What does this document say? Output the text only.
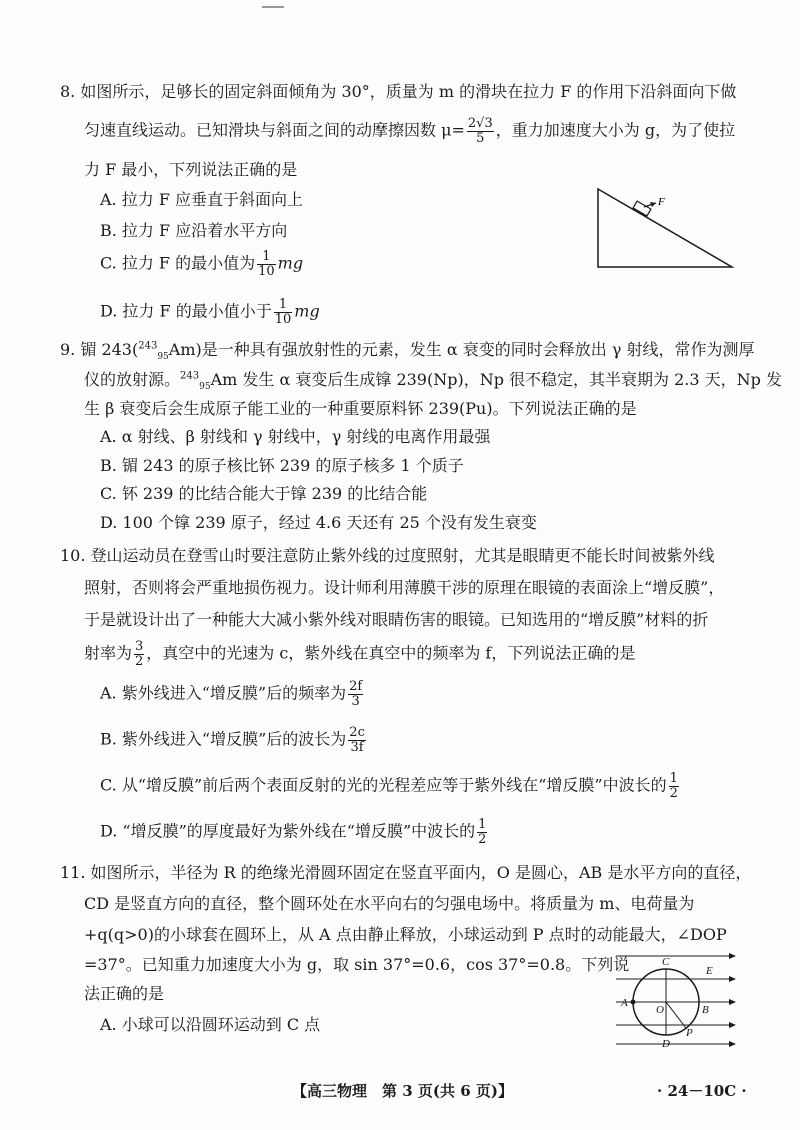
8. 如图所示，足够长的固定斜面倾角为 30°，质量为 m 的滑块在拉力 F 的作用下沿斜面向下做
匀速直线运动。已知滑块与斜面之间的动摩擦因数 $\mu= \frac{2√3}{5}$ ，重力加速度大小为 g，为了使拉
力 F 最小，下列说法正确的是
A. 拉力 F 应垂直于斜面向上
B. 拉力 F 应沿着水平方向
C. 拉力 F 的最小值为 $\frac{1}{10}$ mg
D. 拉力 F 的最小值小于 $\frac{1}{10}$ mg
F
9. 镅 243($^{243}_{95}$Am)是一种具有强放射性的元素，发生 α 衰变的同时会释放出 γ 射线，常作为测厚
仪的放射源。$^{243}_{95}$Am 发生 α 衰变后生成镎 239(Np)，Np 很不稳定，其半衰期为 2.3 天，Np 发
生 β 衰变后会生成原子能工业的一种重要原料钚 239(Pu)。下列说法正确的是
A. α 射线、β 射线和 γ 射线中，γ 射线的电离作用最强
B. 镅 243 的原子核比钚 239 的原子核多 1 个质子
C. 钚 239 的比结合能大于镎 239 的比结合能
D. 100 个镎 239 原子，经过 4.6 天还有 25 个没有发生衰变
10. 登山运动员在登雪山时要注意防止紫外线的过度照射，尤其是眼睛更不能长时间被紫外线
照射，否则将会严重地损伤视力。设计师利用薄膜干涉的原理在眼镜的表面涂上“增反膜”，
于是就设计出了一种能大大减小紫外线对眼睛伤害的眼镜。已知选用的“增反膜”材料的折
射率为 $\frac{3}{2}$ ，真空中的光速为 c，紫外线在真空中的频率为 f，下列说法正确的是
A. 紫外线进入“增反膜”后的频率为 $\frac{2f}{3}$
B. 紫外线进入“增反膜”后的波长为 $\frac{2c}{3f}$
C. 从“增反膜”前后两个表面反射的光的光程差应等于紫外线在“增反膜”中波长的 $\frac{1}{2}$
D. “增反膜”的厚度最好为紫外线在“增反膜”中波长的 $\frac{1}{2}$
11. 如图所示，半径为 R 的绝缘光滑圆环固定在竖直平面内，O 是圆心，AB 是水平方向的直径，
CD 是竖直方向的直径，整个圆环处在水平向右的匀强电场中。将质量为 m、电荷量为
+q(q>0)的小球套在圆环上，从 A 点由静止释放，小球运动到 P 点时的动能最大，∠DOP
=37°。已知重力加速度大小为 g，取 sin 37°=0.6，cos 37°=0.8。下列说
法正确的是
A. 小球可以沿圆环运动到 C 点
C
E
A
O	B
P
D
【高三物理　第 3 页(共 6 页)】	· 24－10C ·
